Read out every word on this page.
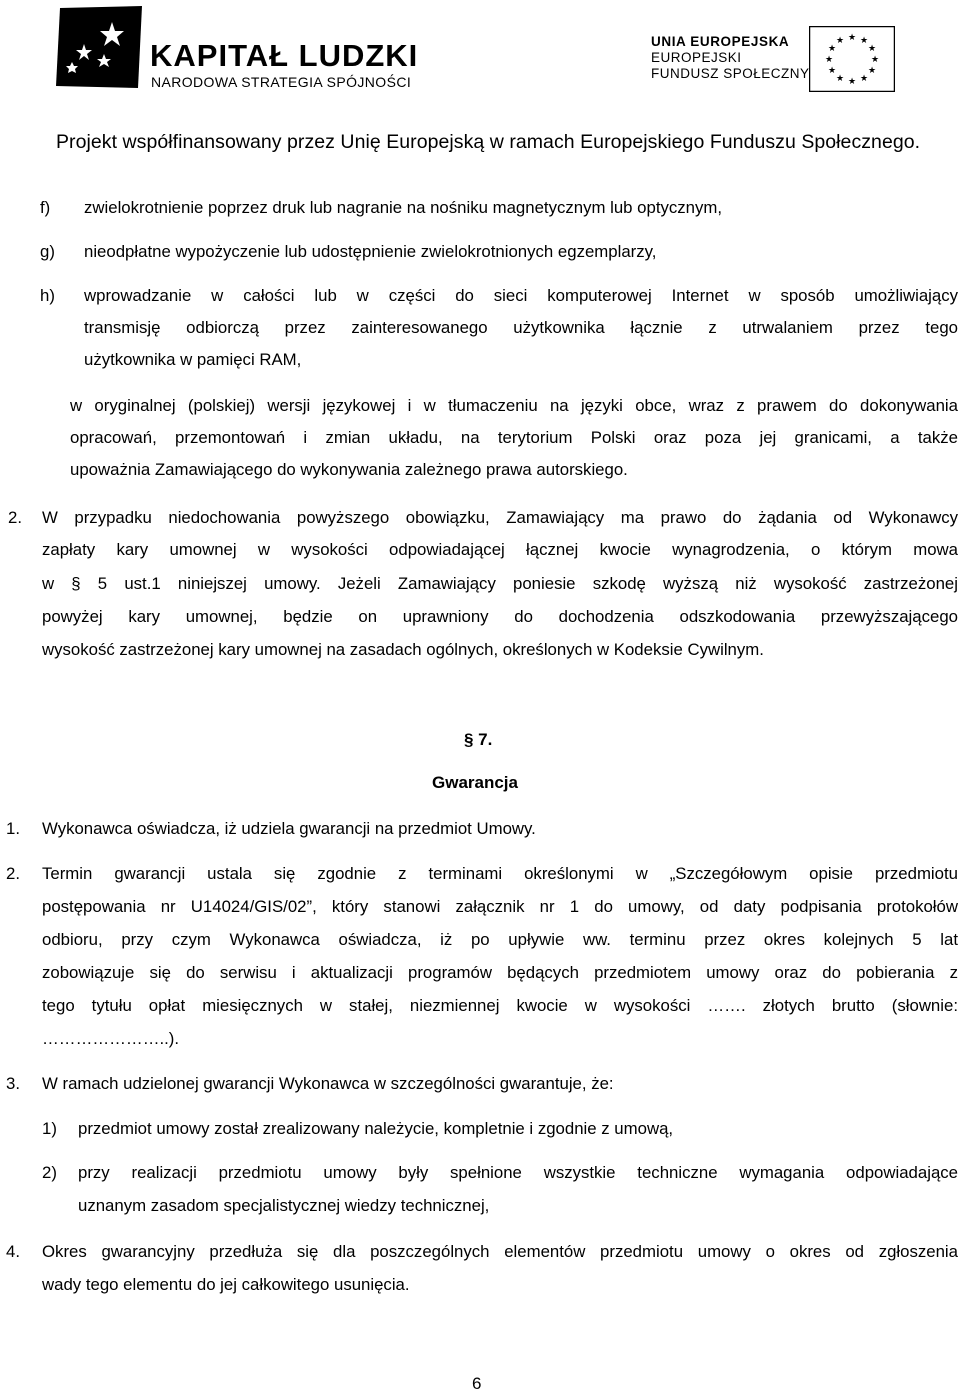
KAPITAŁ LUDZKI
NARODOWA STRATEGIA SPÓJNOŚCI
UNIA EUROPEJSKA
EUROPEJSKI
FUNDUSZ SPOŁECZNY
★ ★
★
★
★
★
★
★
★
★
★
★
Projekt współfinansowany przez Unię Europejską w ramach Europejskiego Funduszu Społecznego.
f) zwielokrotnienie poprzez druk lub nagranie na nośniku magnetycznym lub optycznym,
g) nieodpłatne wypożyczenie lub udostępnienie zwielokrotnionych egzemplarzy,
h) wprowadzanie w całości lub w części do sieci komputerowej Internet w sposób umożliwiający
transmisję odbiorczą przez zainteresowanego użytkownika łącznie z utrwalaniem przez tego
użytkownika w pamięci RAM,
w oryginalnej (polskiej) wersji językowej i w tłumaczeniu na języki obce, wraz z prawem do dokonywania
opracowań, przemontowań i zmian układu, na terytorium Polski oraz poza jej granicami, a także
upoważnia Zamawiającego do wykonywania zależnego prawa autorskiego.
2. W przypadku niedochowania powyższego obowiązku, Zamawiający ma prawo do żądania od Wykonawcy
zapłaty kary umownej w wysokości odpowiadającej łącznej kwocie wynagrodzenia, o którym mowa
w § 5 ust.1 niniejszej umowy. Jeżeli Zamawiający poniesie szkodę wyższą niż wysokość zastrzeżonej
powyżej kary umownej, będzie on uprawniony do dochodzenia odszkodowania przewyższającego
wysokość zastrzeżonej kary umownej na zasadach ogólnych, określonych w Kodeksie Cywilnym.
§ 7.
Gwarancja
1. Wykonawca oświadcza, iż udziela gwarancji na przedmiot Umowy.
2. Termin gwarancji ustala się zgodnie z terminami określonymi w „Szczegółowym opisie przedmiotu
postępowania nr U14024/GIS/02”, który stanowi załącznik nr 1 do umowy, od daty podpisania protokołów
odbioru, przy czym Wykonawca oświadcza, iż po upływie ww. terminu przez okres kolejnych 5 lat
zobowiązuje się do serwisu i aktualizacji programów będących przedmiotem umowy oraz do pobierania z
tego tytułu opłat miesięcznych w stałej, niezmiennej kwocie w wysokości ……. złotych brutto (słownie:
…………………..).
3. W ramach udzielonej gwarancji Wykonawca w szczególności gwarantuje, że:
1) przedmiot umowy został zrealizowany należycie, kompletnie i zgodnie z umową,
2) przy realizacji przedmiotu umowy były spełnione wszystkie techniczne wymagania odpowiadające
uznanym zasadom specjalistycznej wiedzy technicznej,
4. Okres gwarancyjny przedłuża się dla poszczególnych elementów przedmiotu umowy o okres od zgłoszenia
wady tego elementu do jej całkowitego usunięcia.
6
